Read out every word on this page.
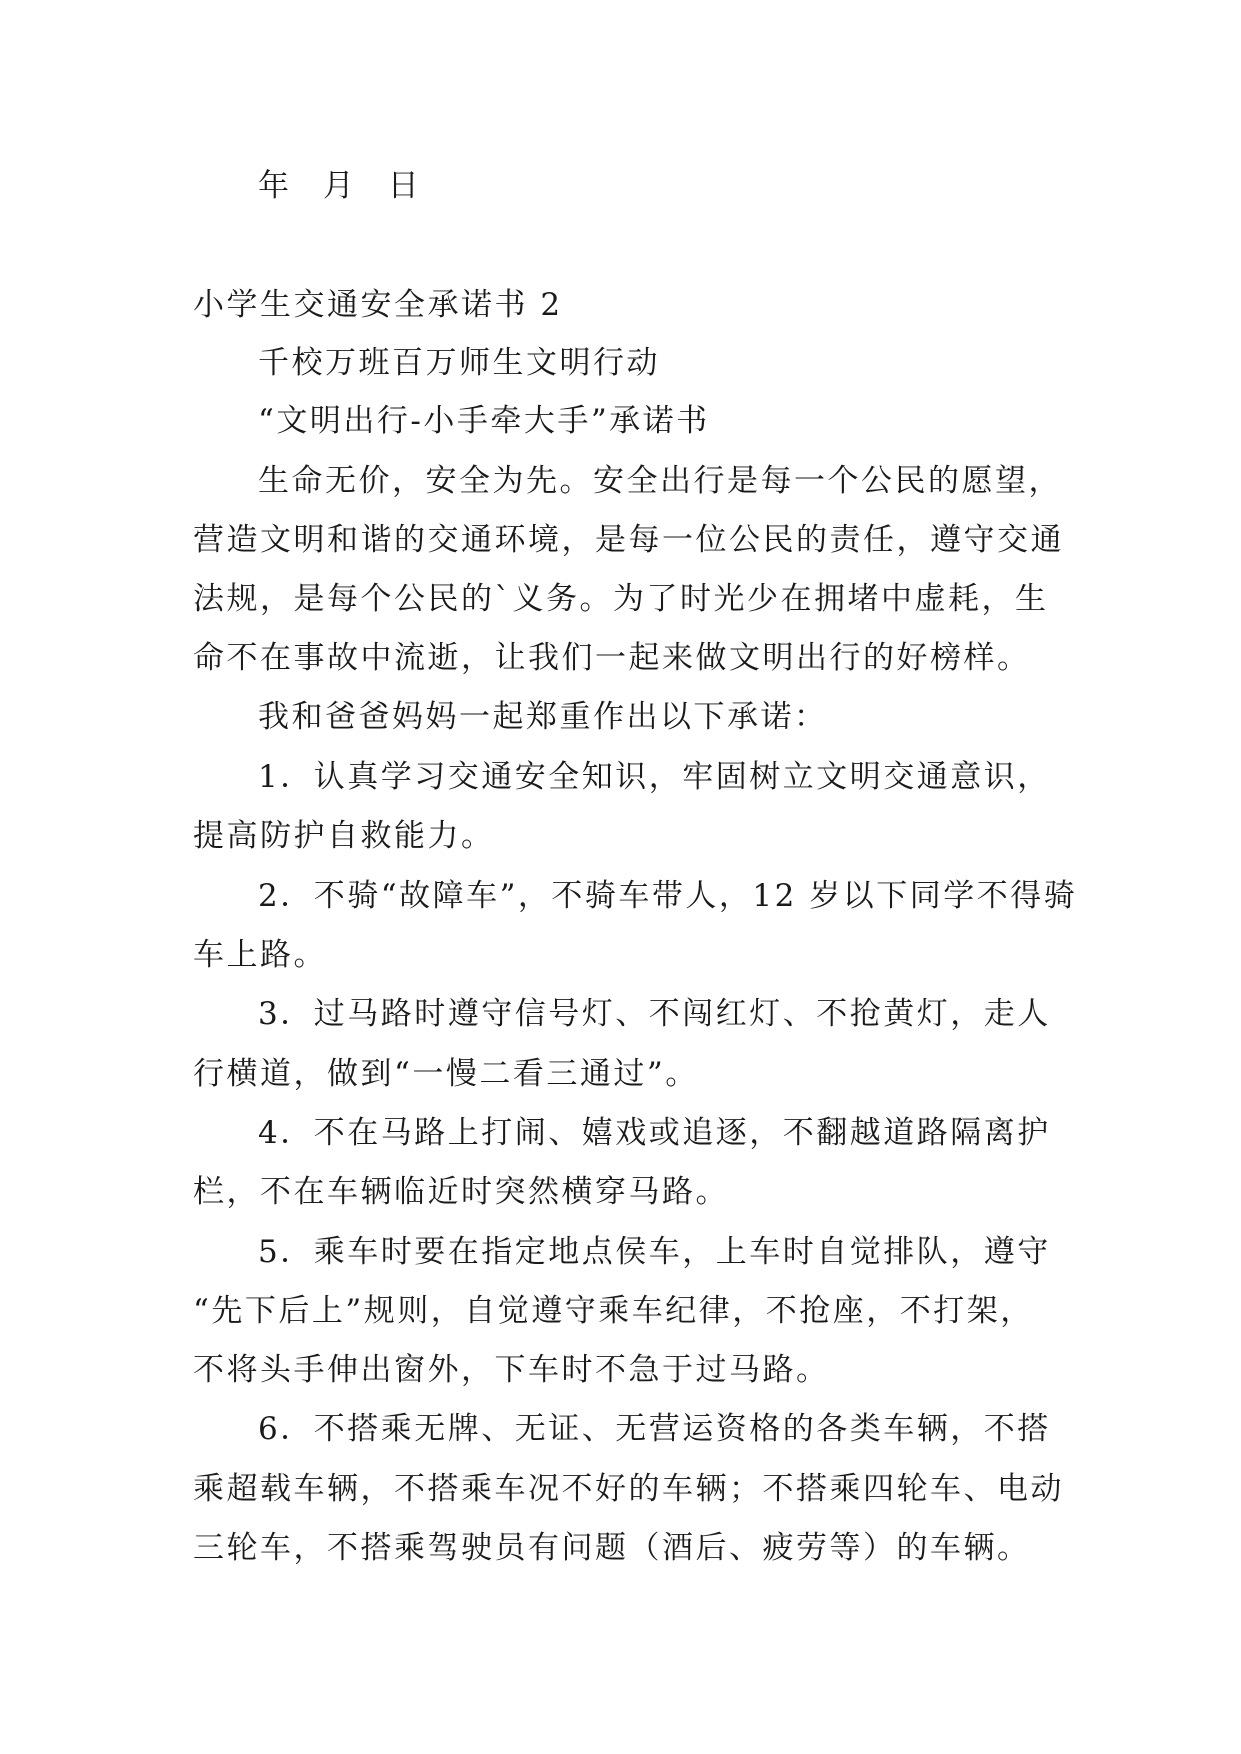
年 月 日
小学生交通安全承诺书 2
千校万班百万师生文明行动
“文明出行-小手牵大手”承诺书
生命无价，安全为先。安全出行是每一个公民的愿望，
营造文明和谐的交通环境，是每一位公民的责任，遵守交通
法规，是每个公民的`义务。为了时光少在拥堵中虚耗，生
命不在事故中流逝，让我们一起来做文明出行的好榜样。
我和爸爸妈妈一起郑重作出以下承诺：
1．认真学习交通安全知识，牢固树立文明交通意识，
提高防护自救能力。
2．不骑“故障车”，不骑车带人，12 岁以下同学不得骑
车上路。
3．过马路时遵守信号灯、不闯红灯、不抢黄灯，走人
行横道，做到“一慢二看三通过”。
4．不在马路上打闹、嬉戏或追逐，不翻越道路隔离护
栏，不在车辆临近时突然横穿马路。
5．乘车时要在指定地点侯车，上车时自觉排队，遵守
“先下后上”规则，自觉遵守乘车纪律，不抢座，不打架，
不将头手伸出窗外，下车时不急于过马路。
6．不搭乘无牌、无证、无营运资格的各类车辆，不搭
乘超载车辆，不搭乘车况不好的车辆；不搭乘四轮车、电动
三轮车，不搭乘驾驶员有问题（酒后、疲劳等）的车辆。
